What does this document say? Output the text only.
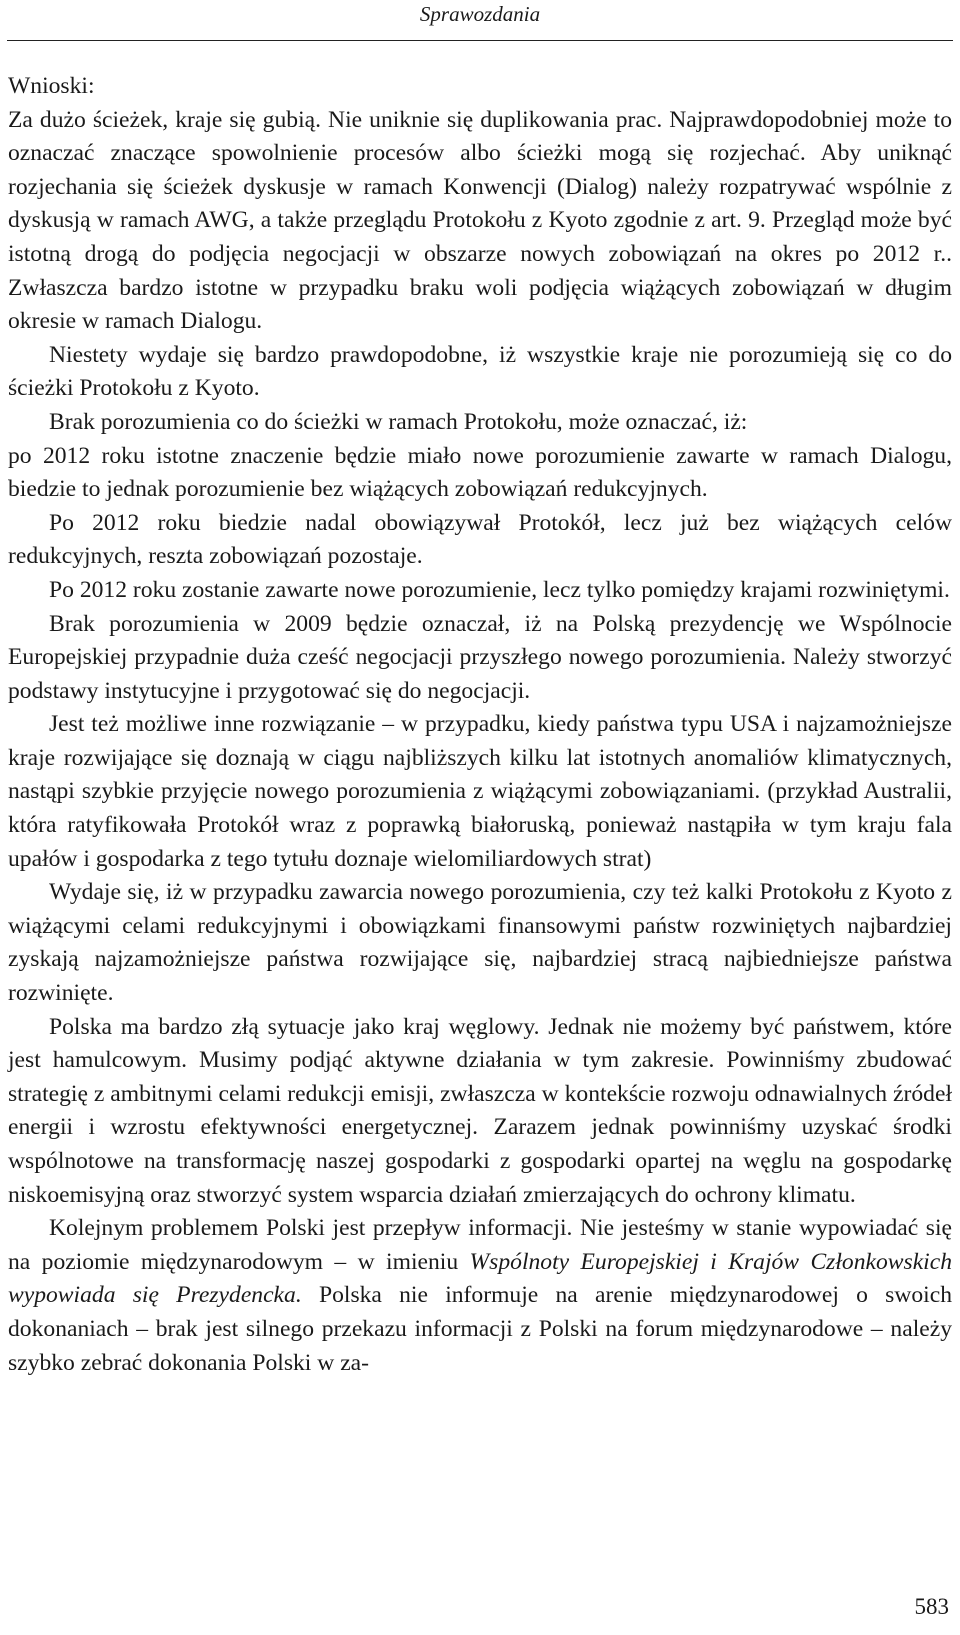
Sprawozdania

Wnioski:

Za dużo ścieżek, kraje się gubią. Nie uniknie się duplikowania prac. Najprawdopodobniej może to oznaczać znaczące spowolnienie procesów albo ścieżki mogą się rozjechać. Aby uniknąć rozjechania się ścieżek dyskusje w ramach Konwencji (Dialog) należy rozpatrywać wspólnie z dyskusją w ramach AWG, a także przeglądu Protokołu z Kyoto zgodnie z art. 9. Przegląd może być istotną drogą do podjęcia negocjacji w obszarze nowych zobowiązań na okres po 2012 r.. Zwłaszcza bardzo istotne w przypadku braku woli podjęcia wiążących zobowiązań w długim okresie w ramach Dialogu.

Niestety wydaje się bardzo prawdopodobne, iż wszystkie kraje nie porozumieją się co do ścieżki Protokołu z Kyoto.

Brak porozumienia co do ścieżki w ramach Protokołu, może oznaczać, iż:

po 2012 roku istotne znaczenie będzie miało nowe porozumienie zawarte w ramach Dialogu, biedzie to jednak porozumienie bez wiążących zobowiązań redukcyjnych.

Po 2012 roku biedzie nadal obowiązywał Protokół, lecz już bez wiążących celów redukcyjnych, reszta zobowiązań pozostaje.

Po 2012 roku zostanie zawarte nowe porozumienie, lecz tylko pomiędzy krajami rozwiniętymi.

Brak porozumienia w 2009 będzie oznaczał, iż na Polską prezydencję we Wspólnocie Europejskiej przypadnie duża cześć negocjacji przyszłego nowego porozumienia. Należy stworzyć podstawy instytucyjne i przygotować się do negocjacji.

Jest też możliwe inne rozwiązanie – w przypadku, kiedy państwa typu USA i najzamożniejsze kraje rozwijające się doznają w ciągu najbliższych kilku lat istotnych anomaliów klimatycznych, nastąpi szybkie przyjęcie nowego porozumienia z wiążącymi zobowiązaniami. (przykład Australii, która ratyfikowała Protokół wraz z poprawką białoruską, ponieważ nastąpiła w tym kraju fala upałów i gospodarka z tego tytułu doznaje wielomiliardowych strat)

Wydaje się, iż w przypadku zawarcia nowego porozumienia, czy też kalki Protokołu z Kyoto z wiążącymi celami redukcyjnymi i obowiązkami finansowymi państw rozwiniętych najbardziej zyskają najzamożniejsze państwa rozwijające się, najbardziej stracą najbiedniejsze państwa rozwinięte.

Polska ma bardzo złą sytuacje jako kraj węglowy. Jednak nie możemy być państwem, które jest hamulcowym. Musimy podjąć aktywne działania w tym zakresie. Powinniśmy zbudować strategię z ambitnymi celami redukcji emisji, zwłaszcza w kontekście rozwoju odnawialnych źródeł energii i wzrostu efektywności energetycznej. Zarazem jednak powinniśmy uzyskać środki wspólnotowe na transformację naszej gospodarki z gospodarki opartej na węglu na gospodarkę niskoemisyjną oraz stworzyć system wsparcia działań zmierzających do ochrony klimatu.

Kolejnym problemem Polski jest przepływ informacji. Nie jesteśmy w stanie wypowiadać się na poziomie międzynarodowym – w imieniu Wspólnoty Europejskiej i Krajów Członkowskich wypowiada się Prezydencka. Polska nie informuje na arenie międzynarodowej o swoich dokonaniach – brak jest silnego przekazu informacji z Polski na forum międzynarodowe – należy szybko zebrać dokonania Polski w za-

583
